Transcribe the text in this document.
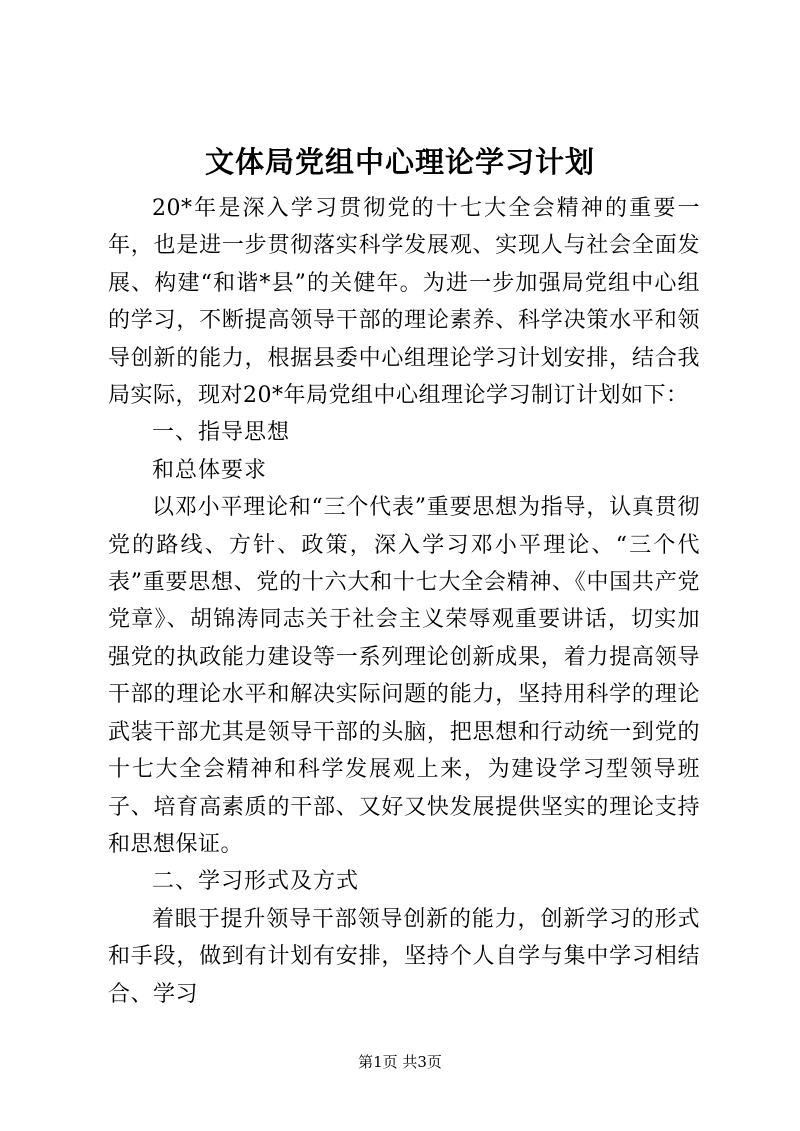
文体局党组中心理论学习计划

20*年是深入学习贯彻党的十七大全会精神的重要一年，也是进一步贯彻落实科学发展观、实现人与社会全面发展、构建“和谐*县”的关健年。为进一步加强局党组中心组的学习，不断提高领导干部的理论素养、科学决策水平和领导创新的能力，根据县委中心组理论学习计划安排，结合我局实际，现对20*年局党组中心组理论学习制订计划如下：

一、指导思想

和总体要求

以邓小平理论和“三个代表”重要思想为指导，认真贯彻党的路线、方针、政策，深入学习邓小平理论、“三个代表”重要思想、党的十六大和十七大全会精神、《中国共产党党章》、胡锦涛同志关于社会主义荣辱观重要讲话，切实加强党的执政能力建设等一系列理论创新成果，着力提高领导干部的理论水平和解决实际问题的能力，坚持用科学的理论武装干部尤其是领导干部的头脑，把思想和行动统一到党的十七大全会精神和科学发展观上来，为建设学习型领导班子、培育高素质的干部、又好又快发展提供坚实的理论支持和思想保证。

二、学习形式及方式

着眼于提升领导干部领导创新的能力，创新学习的形式和手段，做到有计划有安排，坚持个人自学与集中学习相结合、学习

第1页 共3页
